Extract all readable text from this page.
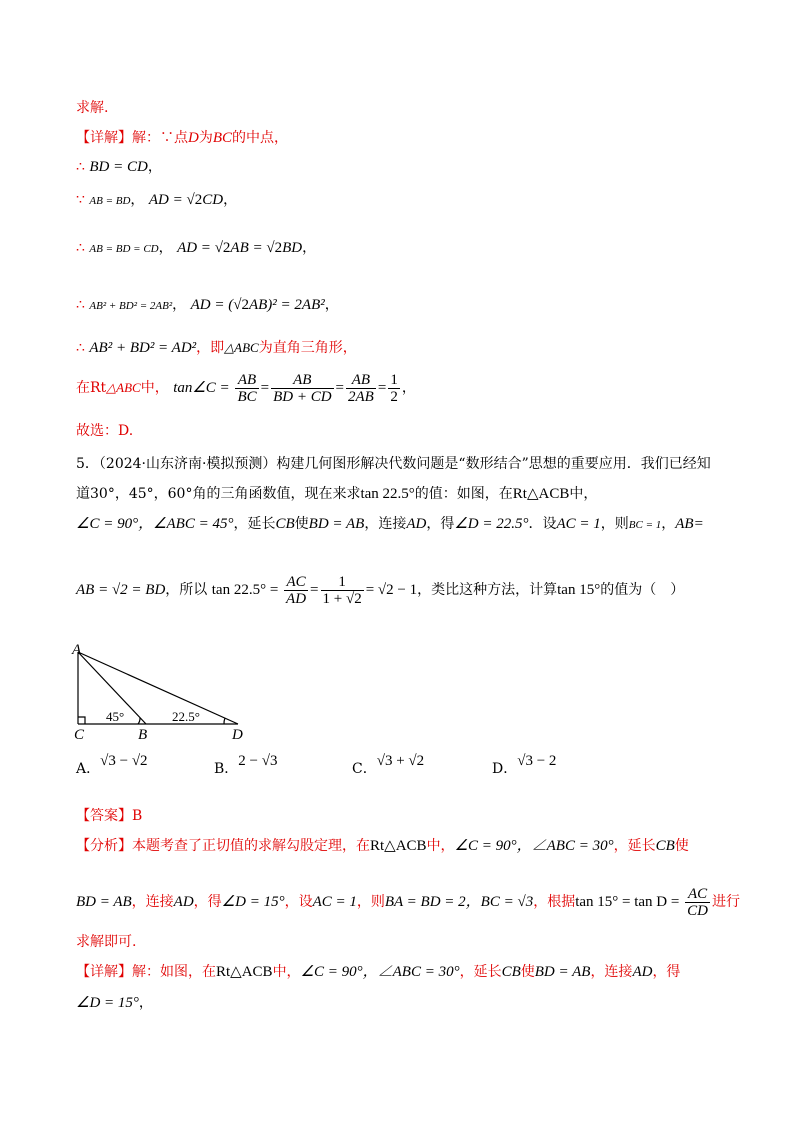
求解.
【详解】解：∵点D为BC的中点，
∴ BD = CD，
∵ AB = BD， AD = √2CD，
∴ AB = BD = CD， AD = √2AB = √2BD，
∴ AB² + BD² = 2AB²， AD = (√2AB)² = 2AB²，
∴ AB² + BD² = AD²，即△ABC为直角三角形，
在Rt△ABC中， tan∠C = $\frac{AB}{BC} = \frac{AB}{BD + CD} = \frac{AB}{2AB} = \frac{1}{2}$ ，
故选：D.
5．（2024·山东济南·模拟预测）构建几何图形解决代数问题是“数形结合”思想的重要应用．我们已经知
道30°，45°，60°角的三角函数值，现在来求tan 22.5°的值：如图，在Rt△ACB中，
∠C = 90°，∠ABC = 45°，延长CB使BD = AB，连接AD，得∠D = 22.5°．设AC = 1，则BC = 1，AB=
AB = √2 = BD，所以 $\tan 22.5^\circ = \frac{AC}{AD} = \frac{1}{1 + √2} = √2 - 1$，类比这种方法，计算tan 15°的值为（　）
A
C	B	D
45°	22.5°
A．√3 − √2	B．2 − √3	C．√3 + √2	D．√3 − 2
【答案】B
【分析】本题考查了正切值的求解勾股定理，在Rt△ACB中，∠C = 90°，∠ABC = 30°，延长CB使
BD = AB，连接AD，得∠D = 15°，设AC = 1，则BA = BD = 2，BC = √3，根据$\tan 15^\circ = \tan D = \frac{AC}{CD}$ 进行
求解即可.
【详解】解：如图，在Rt△ACB中，∠C = 90°，∠ABC = 30°，延长CB使BD = AB，连接AD，得
∠D = 15°，
